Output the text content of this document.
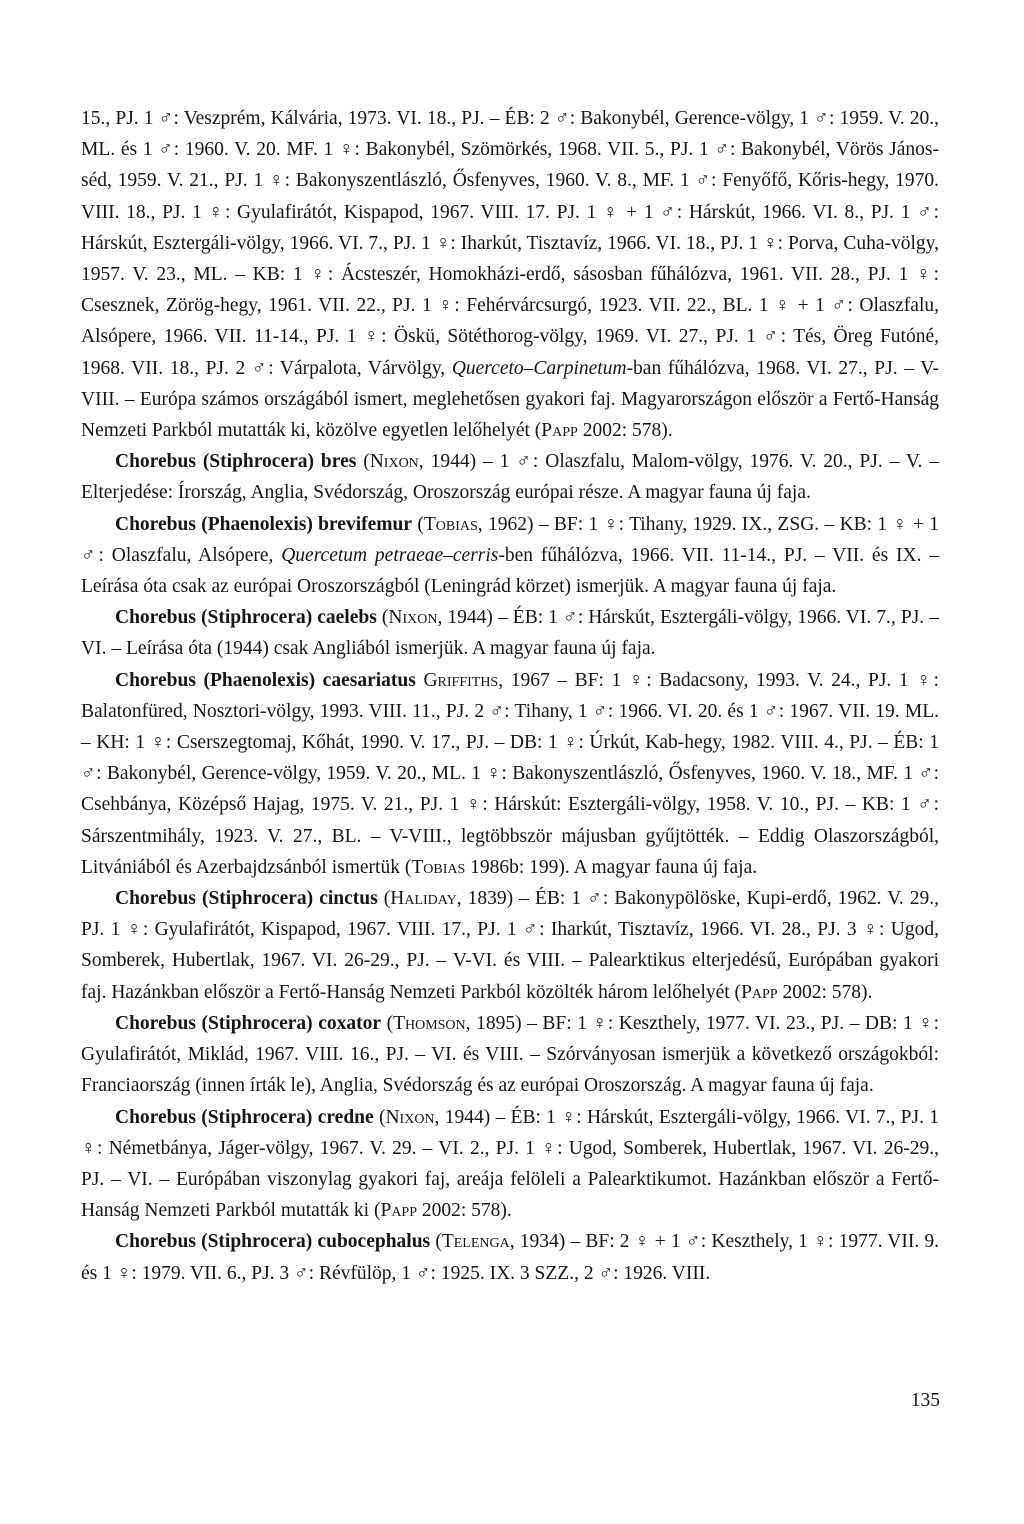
15., PJ. 1 ♂: Veszprém, Kálvária, 1973. VI. 18., PJ. – ÉB: 2 ♂: Bakonybél, Gerence-völgy, 1 ♂: 1959. V. 20., ML. és 1 ♂: 1960. V. 20. MF. 1 ♀: Bakonybél, Szömörkés, 1968. VII. 5., PJ. 1 ♂: Bakonybél, Vörös János-séd, 1959. V. 21., PJ. 1 ♀: Bakonyszentlászló, Ősfenyves, 1960. V. 8., MF. 1 ♂: Fenyőfő, Kőris-hegy, 1970. VIII. 18., PJ. 1 ♀: Gyulafirátót, Kispapod, 1967. VIII. 17. PJ. 1 ♀ + 1 ♂: Hárskút, 1966. VI. 8., PJ. 1 ♂: Hárskút, Esztergáli-völgy, 1966. VI. 7., PJ. 1 ♀: Iharkút, Tisztavíz, 1966. VI. 18., PJ. 1 ♀: Porva, Cuha-völgy, 1957. V. 23., ML. – KB: 1 ♀: Ácsteszér, Homokházi-erdő, sásosban fűhálózva, 1961. VII. 28., PJ. 1 ♀: Csesznek, Zörög-hegy, 1961. VII. 22., PJ. 1 ♀: Fehérvárcsurgó, 1923. VII. 22., BL. 1 ♀ + 1 ♂: Olaszfalu, Alsópere, 1966. VII. 11-14., PJ. 1 ♀: Öskü, Sötéthorog-völgy, 1969. VI. 27., PJ. 1 ♂: Tés, Öreg Futóné, 1968. VII. 18., PJ. 2 ♂: Várpalota, Várvölgy, Querceto–Carpinetum-ban fűhálózva, 1968. VI. 27., PJ. – V-VIII. – Európa számos országából ismert, meglehetősen gyakori faj. Magyarországon először a Fertő-Hanság Nemzeti Parkból mutatták ki, közölve egyetlen lelőhelyét (Papp 2002: 578).

Chorebus (Stiphrocera) bres (Nixon, 1944) – 1 ♂: Olaszfalu, Malom-völgy, 1976. V. 20., PJ. – V. – Elterjedése: Írország, Anglia, Svédország, Oroszország európai része. A magyar fauna új faja.

Chorebus (Phaenolexis) brevifemur (Tobias, 1962) – BF: 1 ♀: Tihany, 1929. IX., ZSG. – KB: 1 ♀ + 1 ♂: Olaszfalu, Alsópere, Quercetum petraeae–cerris-ben fűhálózva, 1966. VII. 11-14., PJ. – VII. és IX. – Leírása óta csak az európai Oroszországból (Leningrád körzet) ismerjük. A magyar fauna új faja.

Chorebus (Stiphrocera) caelebs (Nixon, 1944) – ÉB: 1 ♂: Hárskút, Esztergáli-völgy, 1966. VI. 7., PJ. – VI. – Leírása óta (1944) csak Angliából ismerjük. A magyar fauna új faja.

Chorebus (Phaenolexis) caesariatus Griffiths, 1967 – BF: 1 ♀: Badacsony, 1993. V. 24., PJ. 1 ♀: Balatonfüred, Nosztori-völgy, 1993. VIII. 11., PJ. 2 ♂: Tihany, 1 ♂: 1966. VI. 20. és 1 ♂: 1967. VII. 19. ML. – KH: 1 ♀: Cserszegtomaj, Kőhát, 1990. V. 17., PJ. – DB: 1 ♀: Úrkút, Kab-hegy, 1982. VIII. 4., PJ. – ÉB: 1 ♂: Bakonybél, Gerence-völgy, 1959. V. 20., ML. 1 ♀: Bakonyszentlászló, Ősfenyves, 1960. V. 18., MF. 1 ♂: Csehbánya, Középső Hajag, 1975. V. 21., PJ. 1 ♀: Hárskút: Esztergáli-völgy, 1958. V. 10., PJ. – KB: 1 ♂: Sárszentmihály, 1923. V. 27., BL. – V-VIII., legtöbbször májusban gyűjtötték. – Eddig Olaszországból, Litvániából és Azerbajdzsánból ismertük (Tobias 1986b: 199). A magyar fauna új faja.

Chorebus (Stiphrocera) cinctus (Haliday, 1839) – ÉB: 1 ♂: Bakonypölöske, Kupi-erdő, 1962. V. 29., PJ. 1 ♀: Gyulafirátót, Kispapod, 1967. VIII. 17., PJ. 1 ♂: Iharkút, Tisztavíz, 1966. VI. 28., PJ. 3 ♀: Ugod, Somberek, Hubertlak, 1967. VI. 26-29., PJ. – V-VI. és VIII. – Palearktikus elterjedésű, Európában gyakori faj. Hazánkban először a Fertő-Hanság Nemzeti Parkból közölték három lelőhelyét (Papp 2002: 578).

Chorebus (Stiphrocera) coxator (Thomson, 1895) – BF: 1 ♀: Keszthely, 1977. VI. 23., PJ. – DB: 1 ♀: Gyulafirátót, Miklád, 1967. VIII. 16., PJ. – VI. és VIII. – Szórványosan ismerjük a következő országokból: Franciaország (innen írták le), Anglia, Svédország és az európai Oroszország. A magyar fauna új faja.

Chorebus (Stiphrocera) credne (Nixon, 1944) – ÉB: 1 ♀: Hárskút, Esztergáli-völgy, 1966. VI. 7., PJ. 1 ♀: Németbánya, Jáger-völgy, 1967. V. 29. – VI. 2., PJ. 1 ♀: Ugod, Somberek, Hubertlak, 1967. VI. 26-29., PJ. – VI. – Európában viszonylag gyakori faj, areája felöleli a Palearktikumot. Hazánkban először a Fertő-Hanság Nemzeti Parkból mutatták ki (Papp 2002: 578).

Chorebus (Stiphrocera) cubocephalus (Telenga, 1934) – BF: 2 ♀ + 1 ♂: Keszthely, 1 ♀: 1977. VII. 9. és 1 ♀: 1979. VII. 6., PJ. 3 ♂: Révfülöp, 1 ♂: 1925. IX. 3 SZZ., 2 ♂: 1926. VIII.

135
